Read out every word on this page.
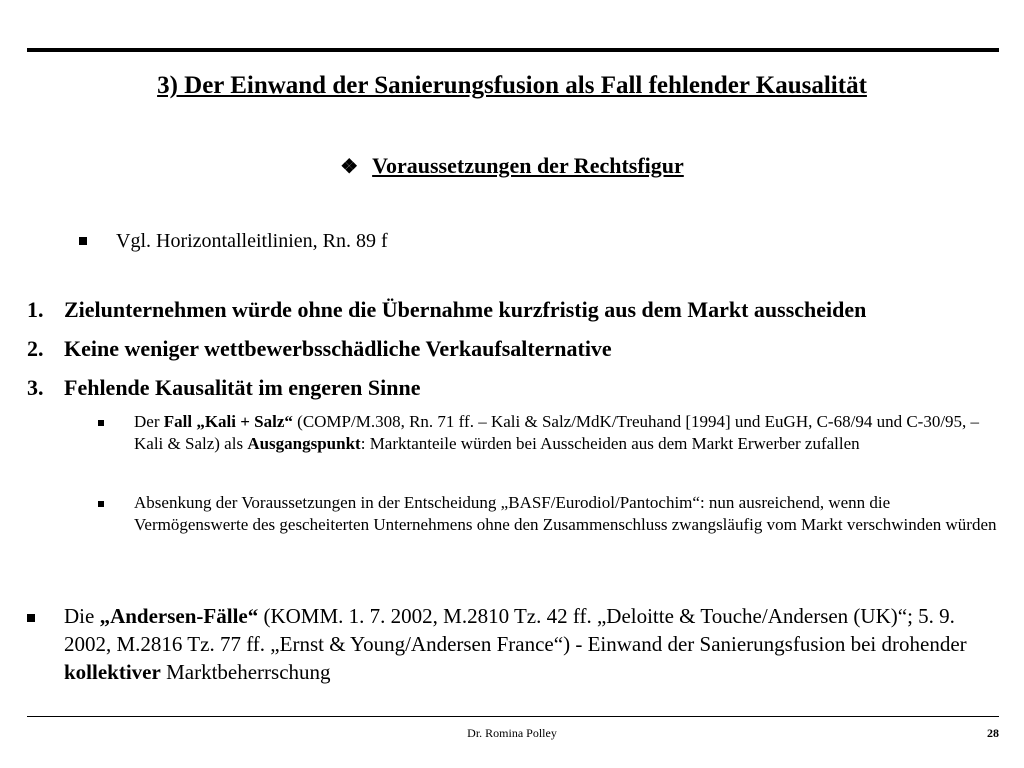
3) Der Einwand der Sanierungsfusion als Fall fehlender Kausalität
❖ Voraussetzungen der Rechtsfigur
Vgl. Horizontalleitlinien, Rn. 89 f
1. Zielunternehmen würde ohne die Übernahme kurzfristig aus dem Markt ausscheiden
2. Keine weniger wettbewerbsschädliche Verkaufsalternative
3. Fehlende Kausalität im engeren Sinne
Der Fall „Kali + Salz“ (COMP/M.308, Rn. 71 ff. – Kali & Salz/MdK/Treuhand [1994] und EuGH, C-68/94 und C-30/95, – Kali & Salz) als Ausgangspunkt: Marktanteile würden bei Ausscheiden aus dem Markt Erwerber zufallen
Absenkung der Voraussetzungen in der Entscheidung „BASF/Eurodiol/Pantochim“: nun ausreichend, wenn die Vermögenswerte des gescheiterten Unternehmens ohne den Zusammenschluss zwangsläufig vom Markt verschwinden würden
Die „Andersen-Fälle“ (KOMM. 1. 7. 2002, M.2810 Tz. 42 ff. „Deloitte & Touche/Andersen (UK)“; 5. 9. 2002, M.2816 Tz. 77 ff. „Ernst & Young/Andersen France“) - Einwand der Sanierungsfusion bei drohender kollektiver Marktbeherrschung
Dr. Romina Polley	28
